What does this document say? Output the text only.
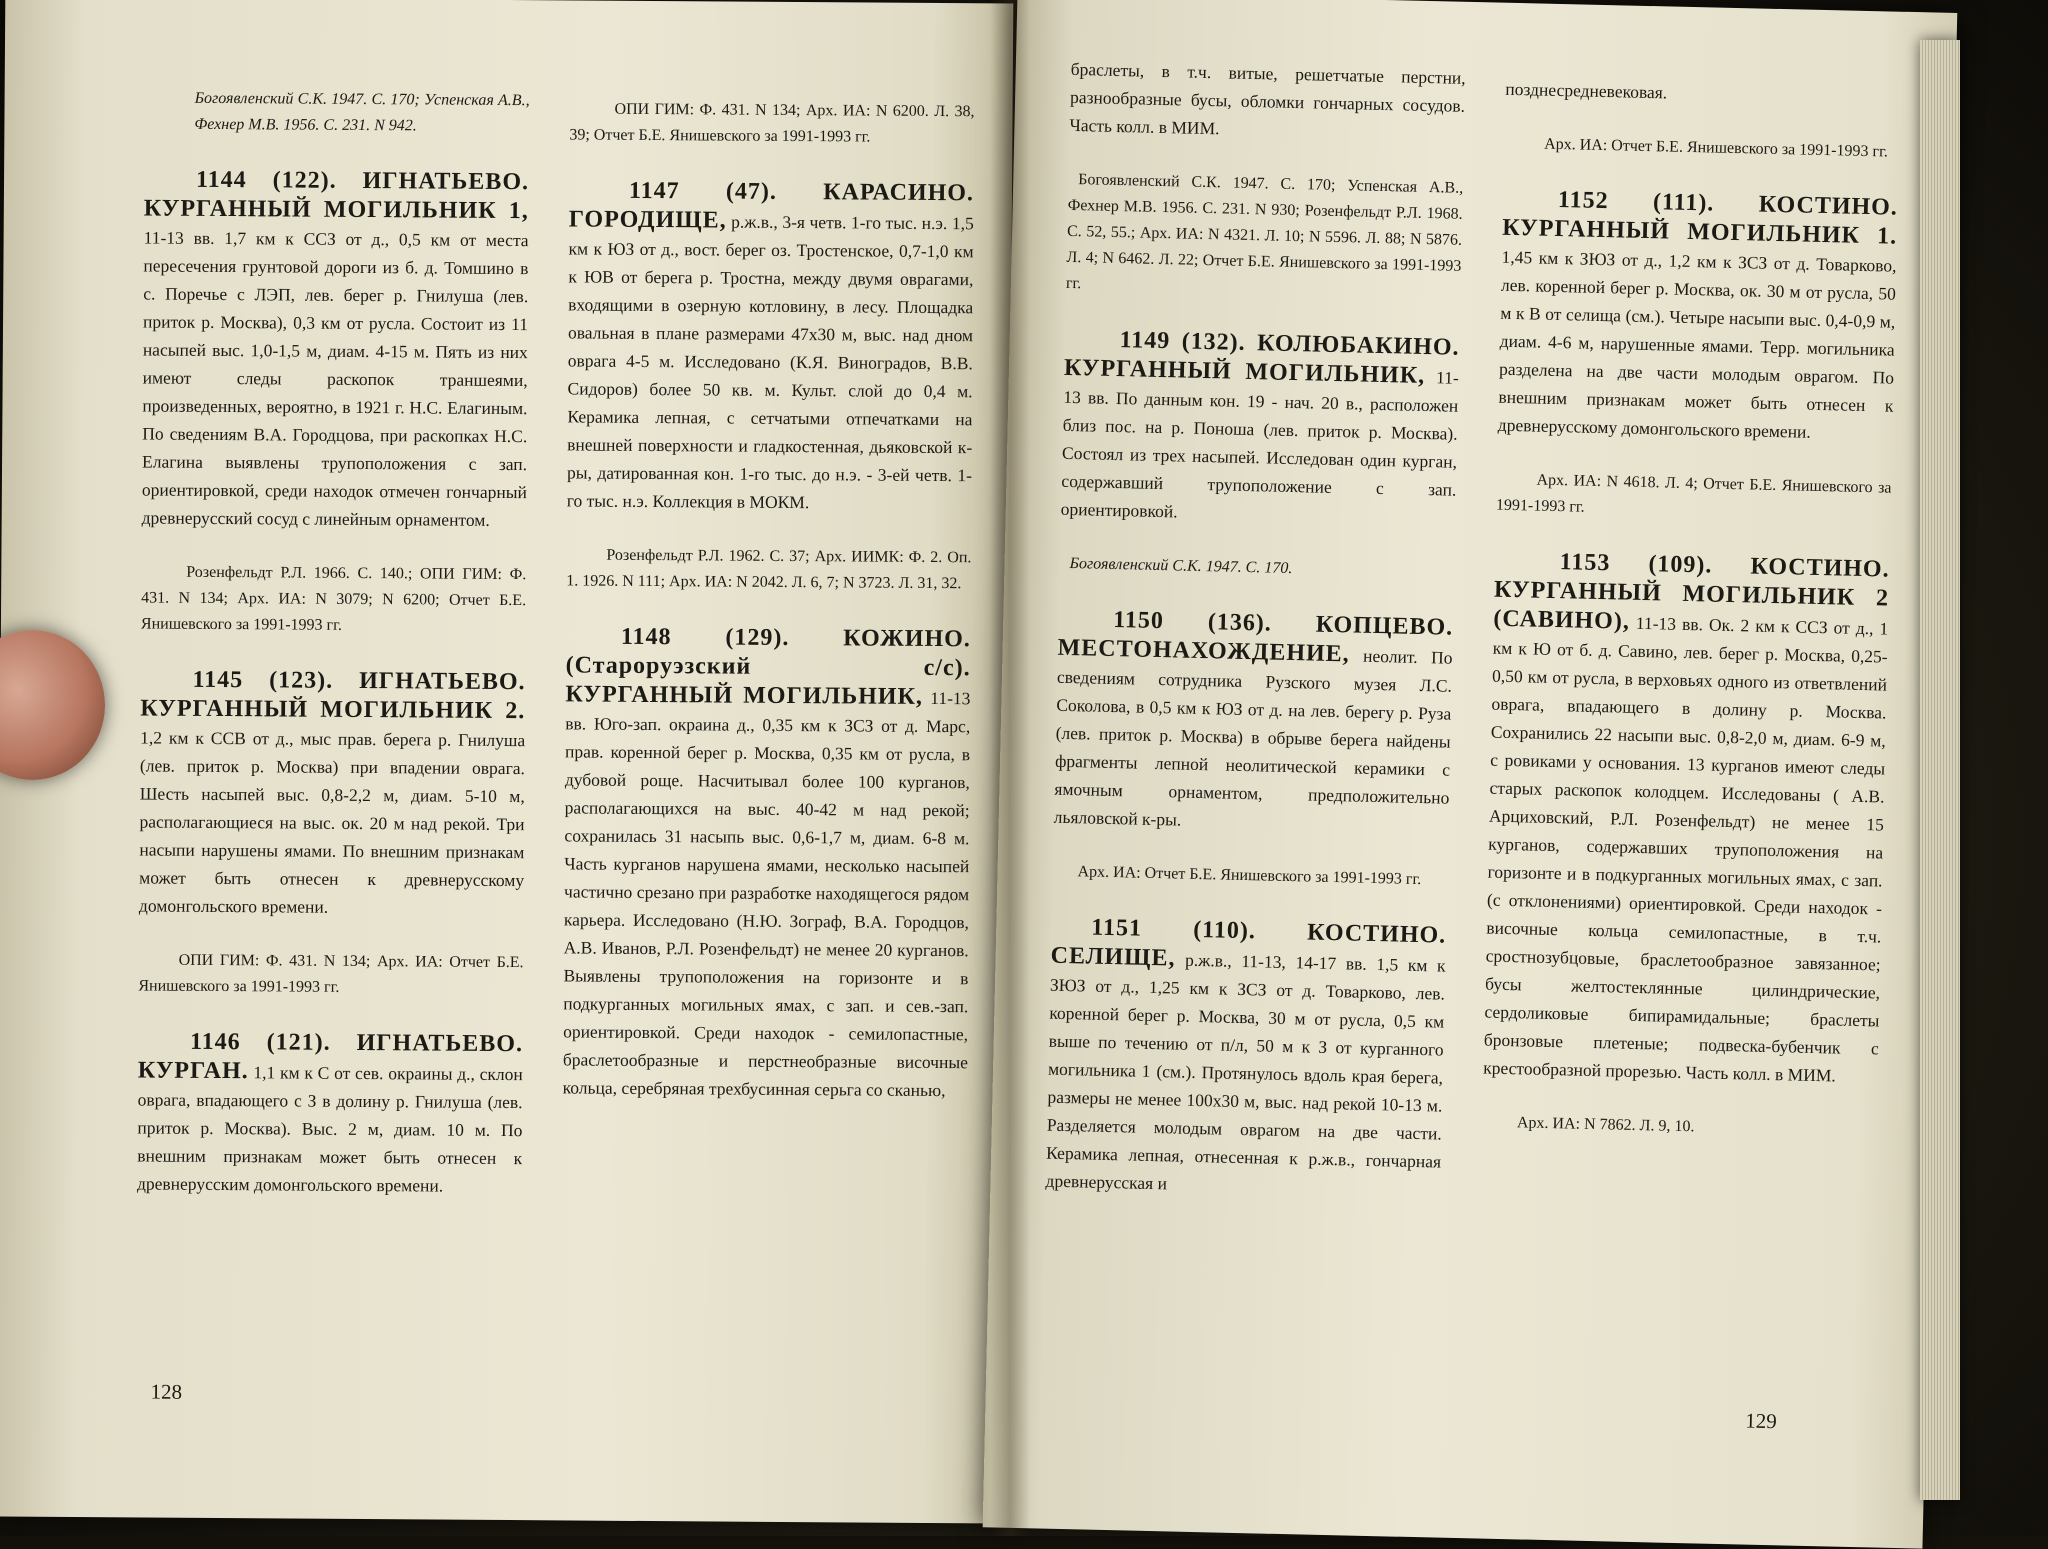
Богоявленский С.К. 1947. С. 170; Успенская А.В., Фехнер М.В. 1956. С. 231. N 942.

1144 (122). ИГНАТЬЕВО. КУРГАННЫЙ МОГИЛЬНИК 1, 11-13 вв. 1,7 км к ССЗ от д., 0,5 км от места пересечения грунтовой дороги из б. д. Томшино в с. Поречье с ЛЭП, лев. берег р. Гнилуша (лев. приток р. Москва), 0,3 км от русла. Состоит из 11 насыпей выс. 1,0-1,5 м, диам. 4-15 м. Пять из них имеют следы раскопок траншеями, произведенных, вероятно, в 1921 г. Н.С. Елагиным. По сведениям В.А. Городцова, при раскопках Н.С. Елагина выявлены трупоположения с зап. ориентировкой, среди находок отмечен гончарный древнерусский сосуд с линейным орнаментом.

Розенфельдт Р.Л. 1966. С. 140.; ОПИ ГИМ: Ф. 431. N 134; Арх. ИА: N 3079; N 6200; Отчет Б.Е. Янишевского за 1991-1993 гг.

1145 (123). ИГНАТЬЕВО. КУРГАННЫЙ МОГИЛЬНИК 2. 1,2 км к ССВ от д., мыс прав. берега р. Гнилуша (лев. приток р. Москва) при впадении оврага. Шесть насыпей выс. 0,8-2,2 м, диам. 5-10 м, располагающиеся на выс. ок. 20 м над рекой. Три насыпи нарушены ямами. По внешним признакам может быть отнесен к древнерусскому домонгольского времени.

ОПИ ГИМ: Ф. 431. N 134; Арх. ИА: Отчет Б.Е. Янишевского за 1991-1993 гг.

1146 (121). ИГНАТЬЕВО. КУРГАН. 1,1 км к С от сев. окраины д., склон оврага, впадающего с З в долину р. Гнилуша (лев. приток р. Москва). Выс. 2 м, диам. 10 м. По внешним признакам может быть отнесен к древнерусским домонгольского времени.

ОПИ ГИМ: Ф. 431. N 134; Арх. ИА: N 6200. Л. 38, 39; Отчет Б.Е. Янишевского за 1991-1993 гг.

1147 (47). КАРАСИНО. ГОРОДИЩЕ, р.ж.в., 3-я четв. 1-го тыс. н.э. 1,5 км к ЮЗ от д., вост. берег оз. Тростенское, 0,7-1,0 км к ЮВ от берега р. Тростна, между двумя оврагами, входящими в озерную котловину, в лесу. Площадка овальная в плане размерами 47х30 м, выс. над дном оврага 4-5 м. Исследовано (К.Я. Виноградов, В.В. Сидоров) более 50 кв. м. Культ. слой до 0,4 м. Керамика лепная, с сетчатыми отпечатками на внешней поверхности и гладкостенная, дьяковской к-ры, датированная кон. 1-го тыс. до н.э. - 3-ей четв. 1-го тыс. н.э. Коллекция в МОКМ.

Розенфельдт Р.Л. 1962. С. 37; Арх. ИИМК: Ф. 2. Оп. 1. 1926. N 111; Арх. ИА: N 2042. Л. 6, 7; N 3723. Л. 31, 32.

1148 (129). КОЖИНО. (Староруэзский с/с). КУРГАННЫЙ МОГИЛЬНИК, 11-13 вв. Юго-зап. окраина д., 0,35 км к ЗСЗ от д. Марс, прав. коренной берег р. Москва, 0,35 км от русла, в дубовой роще. Насчитывал более 100 курганов, располагающихся на выс. 40-42 м над рекой; сохранилась 31 насыпь выс. 0,6-1,7 м, диам. 6-8 м. Часть курганов нарушена ямами, несколько насыпей частично срезано при разработке находящегося рядом карьера. Исследовано (Н.Ю. Зограф, В.А. Городцов, А.В. Иванов, Р.Л. Розенфельдт) не менее 20 курганов. Выявлены трупоположения на горизонте и в подкурганных могильных ямах, с зап. и сев.-зап. ориентировкой. Среди находок - семилопастные, браслетообразные и перстнеобразные височные кольца, серебряная трехбусинная серьга со сканью,

128

браслеты, в т.ч. витые, решетчатые перстни, разнообразные бусы, обломки гончарных сосудов. Часть колл. в МИМ.

Богоявленский С.К. 1947. С. 170; Успенская А.В., Фехнер М.В. 1956. С. 231. N 930; Розенфельдт Р.Л. 1968. С. 52, 55.; Арх. ИА: N 4321. Л. 10; N 5596. Л. 88; N 5876. Л. 4; N 6462. Л. 22; Отчет Б.Е. Янишевского за 1991-1993 гг.

1149 (132). КОЛЮБАКИНО. КУРГАННЫЙ МОГИЛЬНИК, 11-13 вв. По данным кон. 19 - нач. 20 в., расположен близ пос. на р. Поноша (лев. приток р. Москва). Состоял из трех насыпей. Исследован один курган, содержавший трупоположение с зап. ориентировкой.

Богоявленский С.К. 1947. С. 170.

1150 (136). КОПЦЕВО. МЕСТОНАХОЖДЕНИЕ, неолит. По сведениям сотрудника Рузского музея Л.С. Соколова, в 0,5 км к ЮЗ от д. на лев. берегу р. Руза (лев. приток р. Москва) в обрыве берега найдены фрагменты лепной неолитической керамики с ямочным орнаментом, предположительно льяловской к-ры.

Арх. ИА: Отчет Б.Е. Янишевского за 1991-1993 гг.

1151 (110). КОСТИНО. СЕЛИЩЕ, р.ж.в., 11-13, 14-17 вв. 1,5 км к ЗЮЗ от д., 1,25 км к ЗСЗ от д. Товарково, лев. коренной берег р. Москва, 30 м от русла, 0,5 км выше по течению от п/л, 50 м к З от курганного могильника 1 (см.). Протянулось вдоль края берега, размеры не менее 100х30 м, выс. над рекой 10-13 м. Разделяется молодым оврагом на две части. Керамика лепная, отнесенная к р.ж.в., гончарная древнерусская и

позднесредневековая.

Арх. ИА: Отчет Б.Е. Янишевского за 1991-1993 гг.

1152 (111). КОСТИНО. КУРГАННЫЙ МОГИЛЬНИК 1. 1,45 км к ЗЮЗ от д., 1,2 км к ЗСЗ от д. Товарково, лев. коренной берег р. Москва, ок. 30 м от русла, 50 м к В от селища (см.). Четыре насыпи выс. 0,4-0,9 м, диам. 4-6 м, нарушенные ямами. Терр. могильника разделена на две части молодым оврагом. По внешним признакам может быть отнесен к древнерусскому домонгольского времени.

Арх. ИА: N 4618. Л. 4; Отчет Б.Е. Янишевского за 1991-1993 гг.

1153 (109). КОСТИНО. КУРГАННЫЙ МОГИЛЬНИК 2 (САВИНО), 11-13 вв. Ок. 2 км к ССЗ от д., 1 км к Ю от б. д. Савино, лев. берег р. Москва, 0,25-0,50 км от русла, в верховьях одного из ответвлений оврага, впадающего в долину р. Москва. Сохранились 22 насыпи выс. 0,8-2,0 м, диам. 6-9 м, с ровиками у основания. 13 курганов имеют следы старых раскопок колодцем. Исследованы ( А.В. Арциховский, Р.Л. Розенфельдт) не менее 15 курганов, содержавших трупоположения на горизонте и в подкурганных могильных ямах, с зап. (с отклонениями) ориентировкой. Среди находок - височные кольца семилопастные, в т.ч. сростнозубцовые, браслетообразное завязанное; бусы желтостеклянные цилиндрические, сердоликовые бипирамидальные; браслеты бронзовые плетеные; подвеска-бубенчик с крестообразной прорезью. Часть колл. в МИМ.

Арх. ИА: N 7862. Л. 9, 10.

129
